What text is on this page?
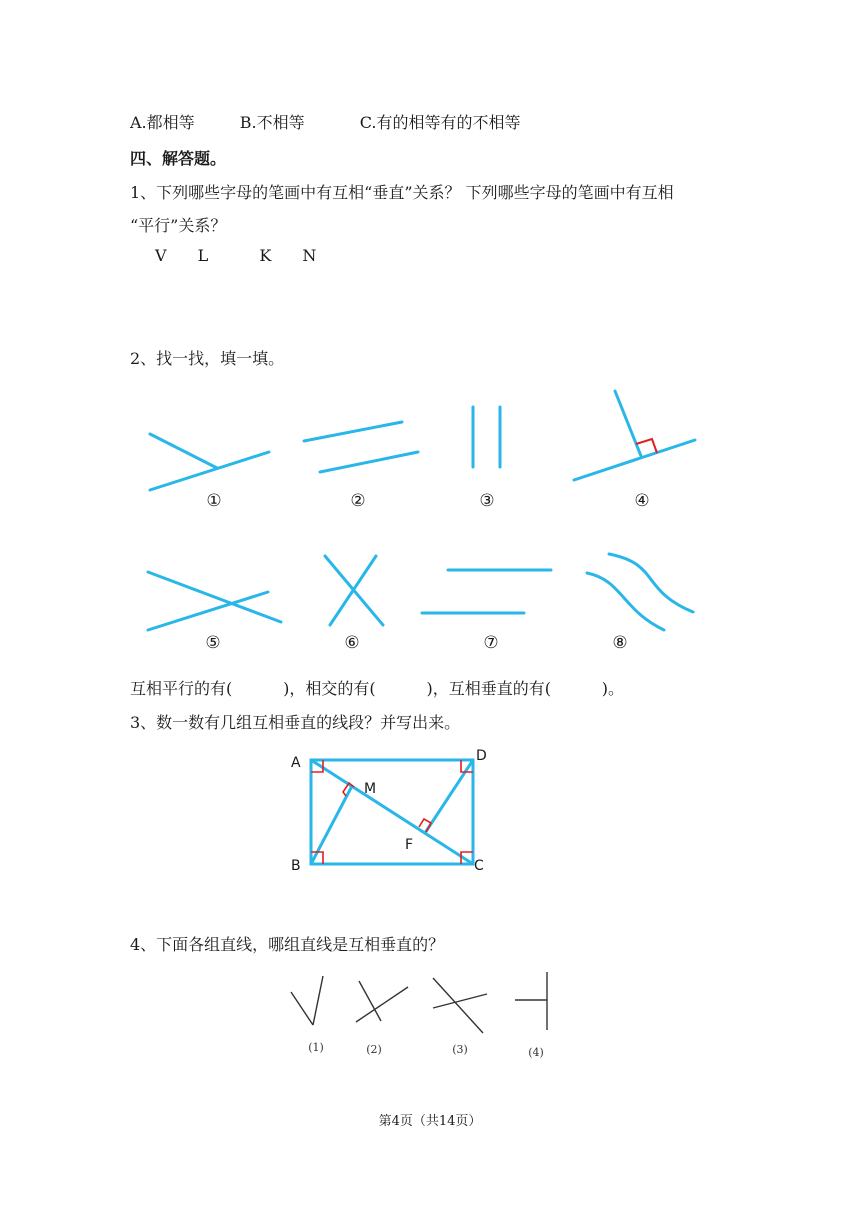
A.都相等	B.不相等	C.有的相等有的不相等
四、解答题。
1、下列哪些字母的笔画中有互相“垂直”关系？ 下列哪些字母的笔画中有互相
“平行”关系？
V L	K N
2、找一找，填一填。
①	②	③	④
⑤	⑥	⑦	⑧
互相平行的有(          )，相交的有(          )，互相垂直的有(          )。
3、数一数有几组互相垂直的线段？并写出来。
A	D
M
F
B	C
4、下面各组直线，哪组直线是互相垂直的？
(1)	(2)	(3)	(4)
第4页（共14页）
